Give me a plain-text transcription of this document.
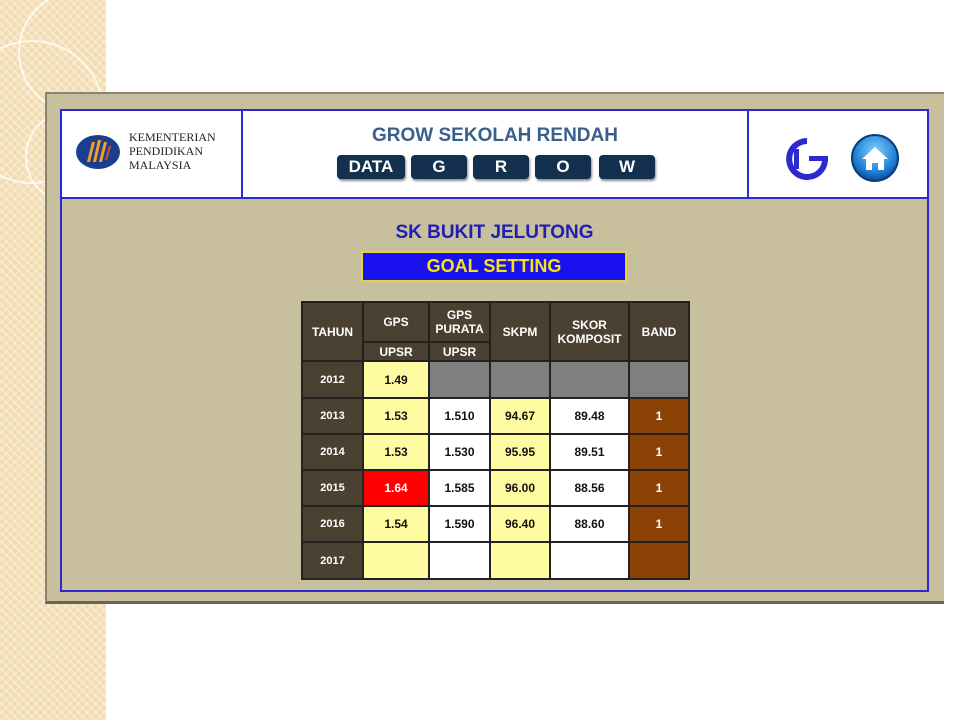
KEMENTERIAN
PENDIDIKAN
MALAYSIA
GROW SEKOLAH RENDAH
DATA	G	R	O	W
SK BUKIT JELUTONG
GOAL SETTING
TAHUN	GPS	GPS PURATA	SKPM	SKOR KOMPOSIT	BAND
	UPSR	UPSR			
2012	1.49				
2013	1.53	1.510	94.67	89.48	1
2014	1.53	1.530	95.95	89.51	1
2015	1.64	1.585	96.00	88.56	1
2016	1.54	1.590	96.40	88.60	1
2017					
